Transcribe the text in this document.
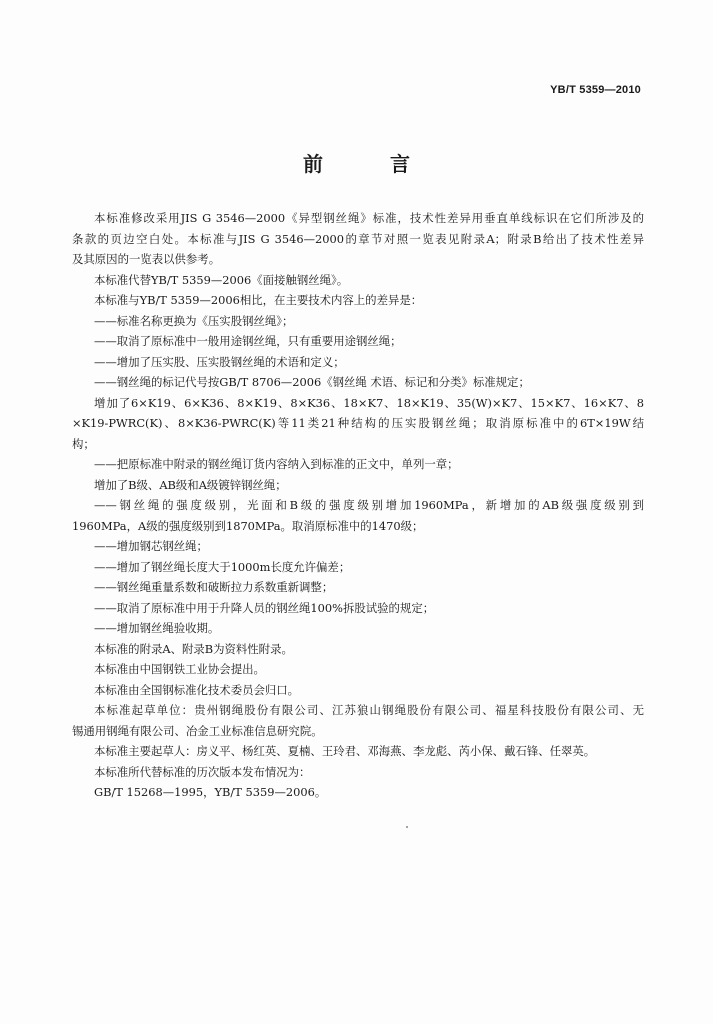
YB/T 5359—2010
前 言
本标准修改采用JIS G 3546—2000《异型钢丝绳》标准，技术性差异用垂直单线标识在它们所涉及的
条款的页边空白处。本标准与JIS G 3546—2000的章节对照一览表见附录A；附录B给出了技术性差异
及其原因的一览表以供参考。
本标准代替YB/T 5359—2006《面接触钢丝绳》。
本标准与YB/T 5359—2006相比，在主要技术内容上的差异是：
——标准名称更换为《压实股钢丝绳》；
——取消了原标准中一般用途钢丝绳，只有重要用途钢丝绳；
——增加了压实股、压实股钢丝绳的术语和定义；
——钢丝绳的标记代号按GB/T 8706—2006《钢丝绳 术语、标记和分类》标准规定；
增加了6×K19、6×K36、8×K19、8×K36、18×K7、18×K19、35(W)×K7、15×K7、16×K7、8
×K19-PWRC(K)、8×K36-PWRC(K)等11类21种结构的压实股钢丝绳；取消原标准中的6T×19W结
构；
——把原标准中附录的钢丝绳订货内容纳入到标准的正文中，单列一章；
增加了B级、AB级和A级镀锌钢丝绳；
——钢丝绳的强度级别，光面和B级的强度级别增加1960MPa，新增加的AB级强度级别到
1960MPa，A级的强度级别到1870MPa。取消原标准中的1470级；
——增加钢芯钢丝绳；
——增加了钢丝绳长度大于1000m长度允许偏差；
——钢丝绳重量系数和破断拉力系数重新调整；
——取消了原标准中用于升降人员的钢丝绳100%拆股试验的规定；
——增加钢丝绳验收期。
本标准的附录A、附录B为资料性附录。
本标准由中国钢铁工业协会提出。
本标准由全国钢标准化技术委员会归口。
本标准起草单位：贵州钢绳股份有限公司、江苏狼山钢绳股份有限公司、福星科技股份有限公司、无
锡通用钢绳有限公司、冶金工业标准信息研究院。
本标准主要起草人：房义平、杨红英、夏楠、王玲君、邓海燕、李龙彪、芮小保、戴石锋、任翠英。
本标准所代替标准的历次版本发布情况为：
GB/T 15268—1995，YB/T 5359—2006。
